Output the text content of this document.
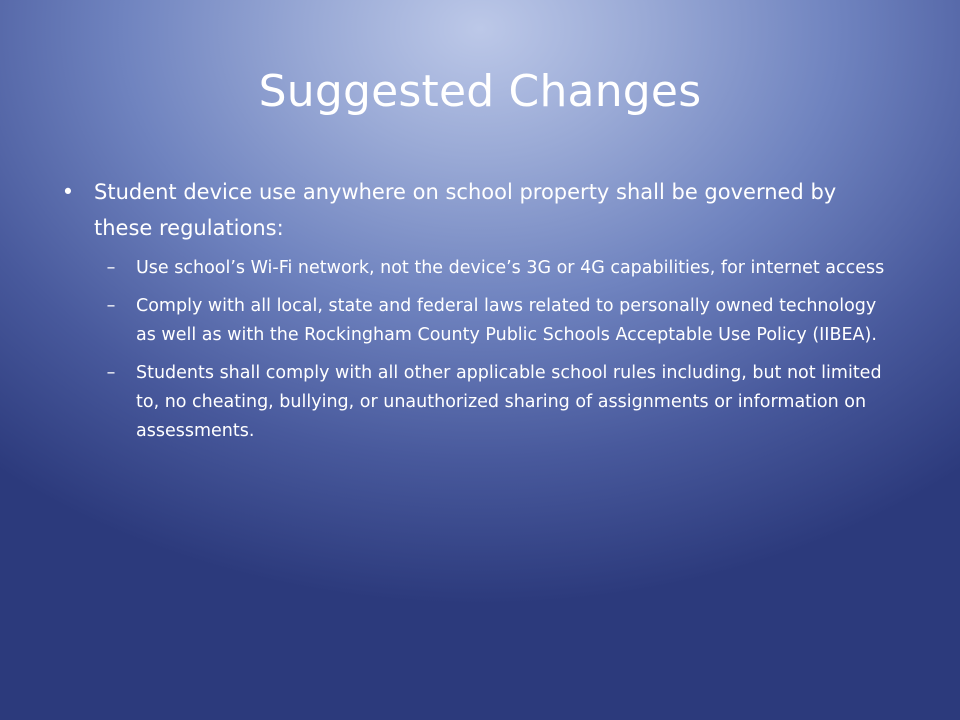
Suggested Changes
• Student device use anywhere on school property shall be governed by these regulations:
–	Use school’s Wi-Fi network, not the device’s 3G or 4G capabilities, for internet access
–	Comply with all local, state and federal laws related to personally owned technology as well as with the Rockingham County Public Schools Acceptable Use Policy (IIBEA).
–	Students shall comply with all other applicable school rules including, but not limited to, no cheating, bullying, or unauthorized sharing of assignments or information on assessments.
